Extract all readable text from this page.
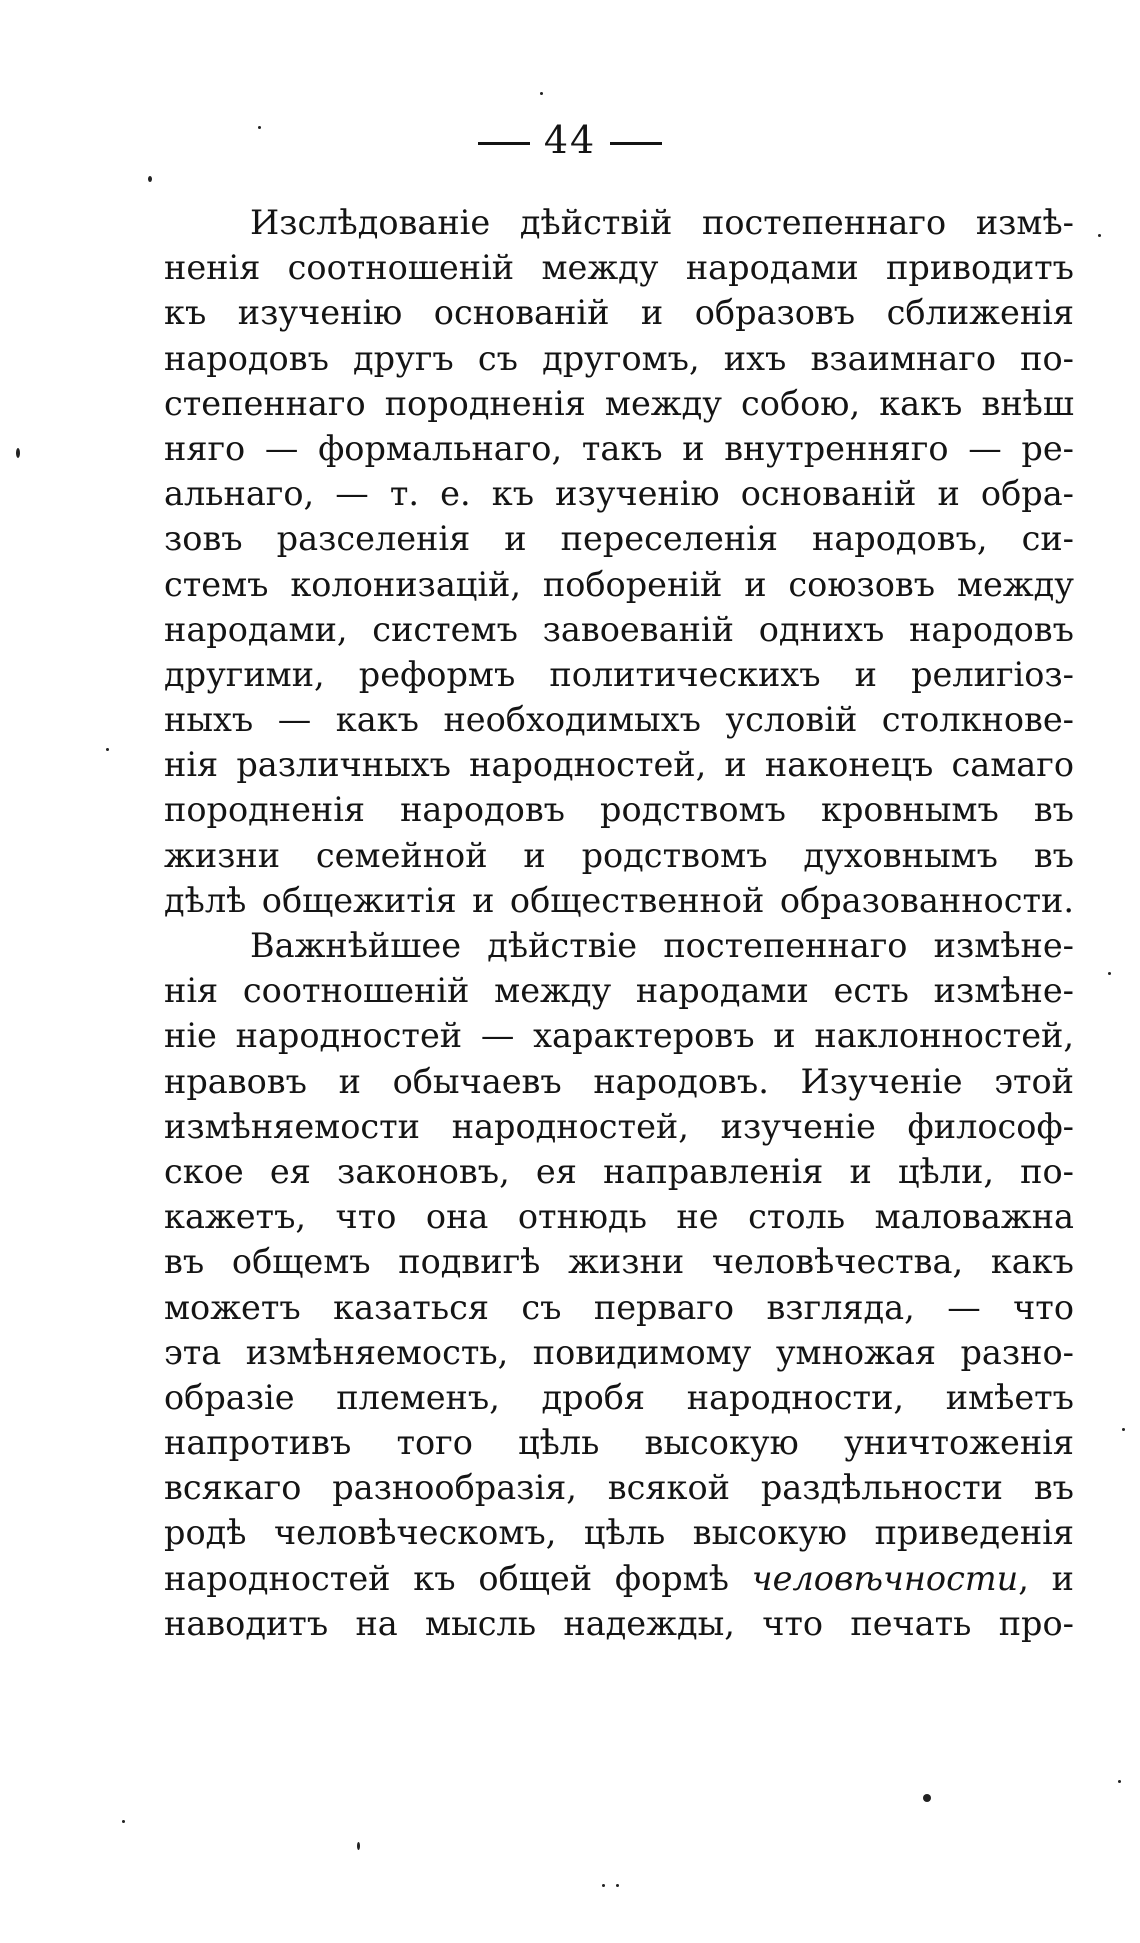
44
Изслѣдованіе дѣйствій постепеннаго измѣ-
ненія соотношеній между народами приводитъ
къ изученію основаній и образовъ сближенія
народовъ другъ съ другомъ, ихъ взаимнаго по-
степеннаго породненія между собою, какъ внѣш
няго — формальнаго, такъ и внутренняго — ре-
альнаго, — т. е. къ изученію основаній и обра-
зовъ разселенія и переселенія народовъ, си-
стемъ колонизацій, побореній и союзовъ между
народами, системъ завоеваній однихъ народовъ
другими, реформъ политическихъ и религіоз-
ныхъ — какъ необходимыхъ условій столкнове-
нія различныхъ народностей, и наконецъ самаго
породненія народовъ родствомъ кровнымъ въ
жизни семейной и родствомъ духовнымъ въ
дѣлѣ общежитія и общественной образованности.
Важнѣйшее дѣйствіе постепеннаго измѣне-
нія соотношеній между народами есть измѣне-
ніе народностей — характеровъ и наклонностей,
нравовъ и обычаевъ народовъ. Изученіе этой
измѣняемости народностей, изученіе философ-
ское ея законовъ, ея направленія и цѣли, по-
кажетъ, что она отнюдь не столь маловажна
въ общемъ подвигѣ жизни человѣчества, какъ
можетъ казаться съ перваго взгляда, — что
эта измѣняемость, повидимому умножая разно-
образіе племенъ, дробя народности, имѣетъ
напротивъ того цѣль высокую уничтоженія
всякаго разнообразія, всякой раздѣльности въ
родѣ человѣческомъ, цѣль высокую приведенія
народностей къ общей формѣ человѣчности, и
наводитъ на мысль надежды, что печать про-
